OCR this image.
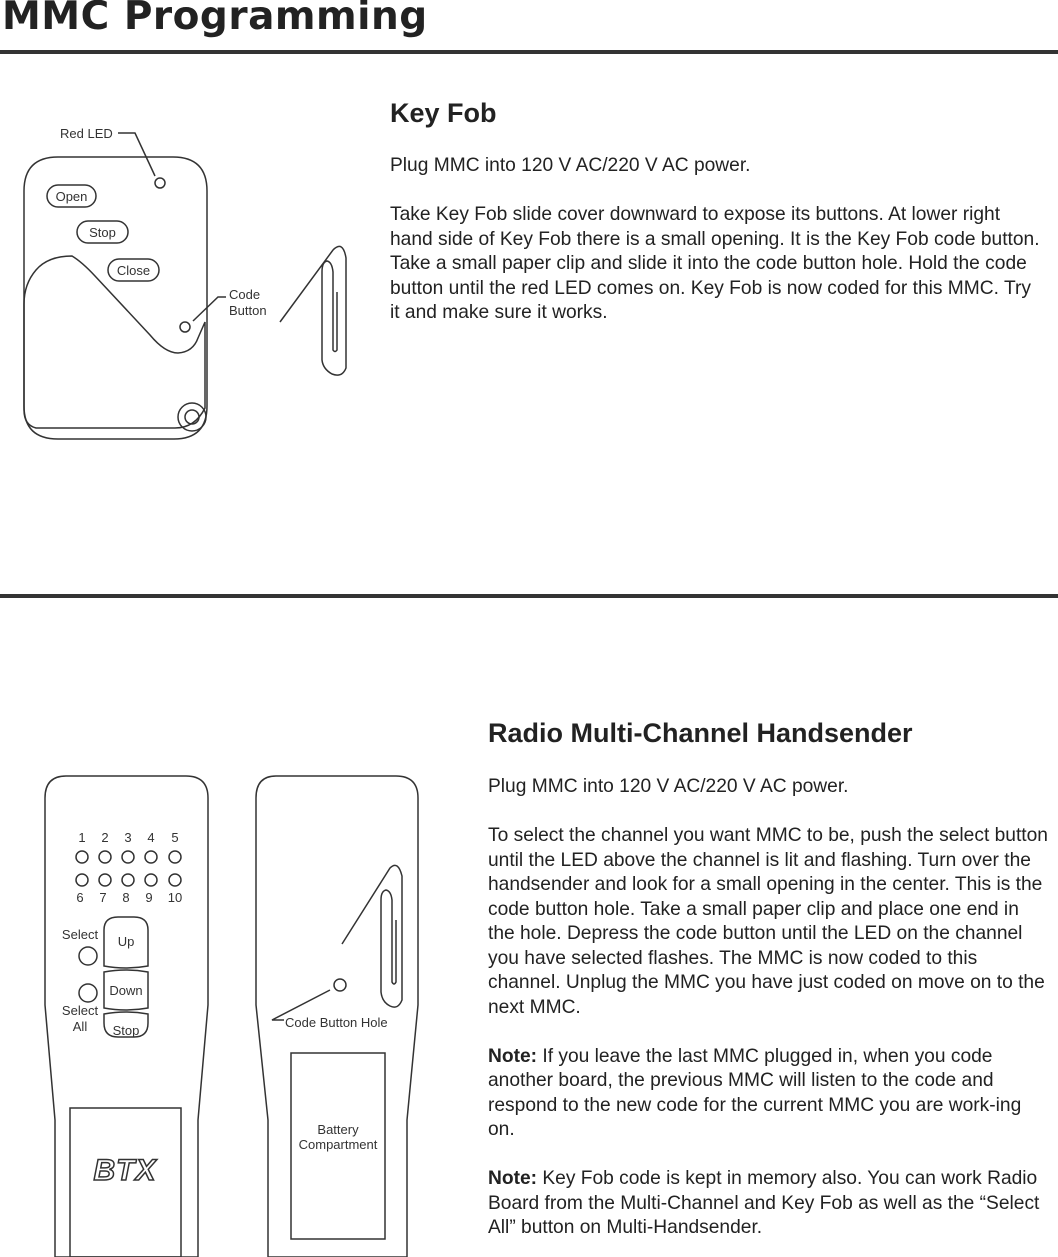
MMC Programming
Red LED
Open
Stop
Close
Code
Button
Key Fob

Plug MMC into 120 V AC/220 V AC power.

Take Key Fob slide cover downward to expose its buttons. At lower right hand side of Key Fob there is a small opening. It is the Key Fob code button. Take a small paper clip and slide it into the code button hole. Hold the code button until the red LED comes on. Key Fob is now coded for this MMC. Try it and make sure it works.

BTX
1 2 3 4 5
6 7 8 9 10
Select
Select
All
Up
Down
Stop
Code Button Hole
Battery
Compartment
Radio Multi-Channel Handsender

Plug MMC into 120 V AC/220 V AC power.

To select the channel you want MMC to be, push the select button until the LED above the channel is lit and flashing. Turn over the handsender and look for a small opening in the center. This is the code button hole. Take a small paper clip and place one end in the hole. Depress the code button until the LED on the channel you have selected flashes. The MMC is now coded to this channel. Unplug the MMC you have just coded on move on to the next MMC.

Note: If you leave the last MMC plugged in, when you code another board, the previous MMC will listen to the code and respond to the new code for the current MMC you are work-ing on.

Note: Key Fob code is kept in memory also. You can work Radio Board from the Multi-Channel and Key Fob as well as the “Select All” button on Multi-Handsender.
